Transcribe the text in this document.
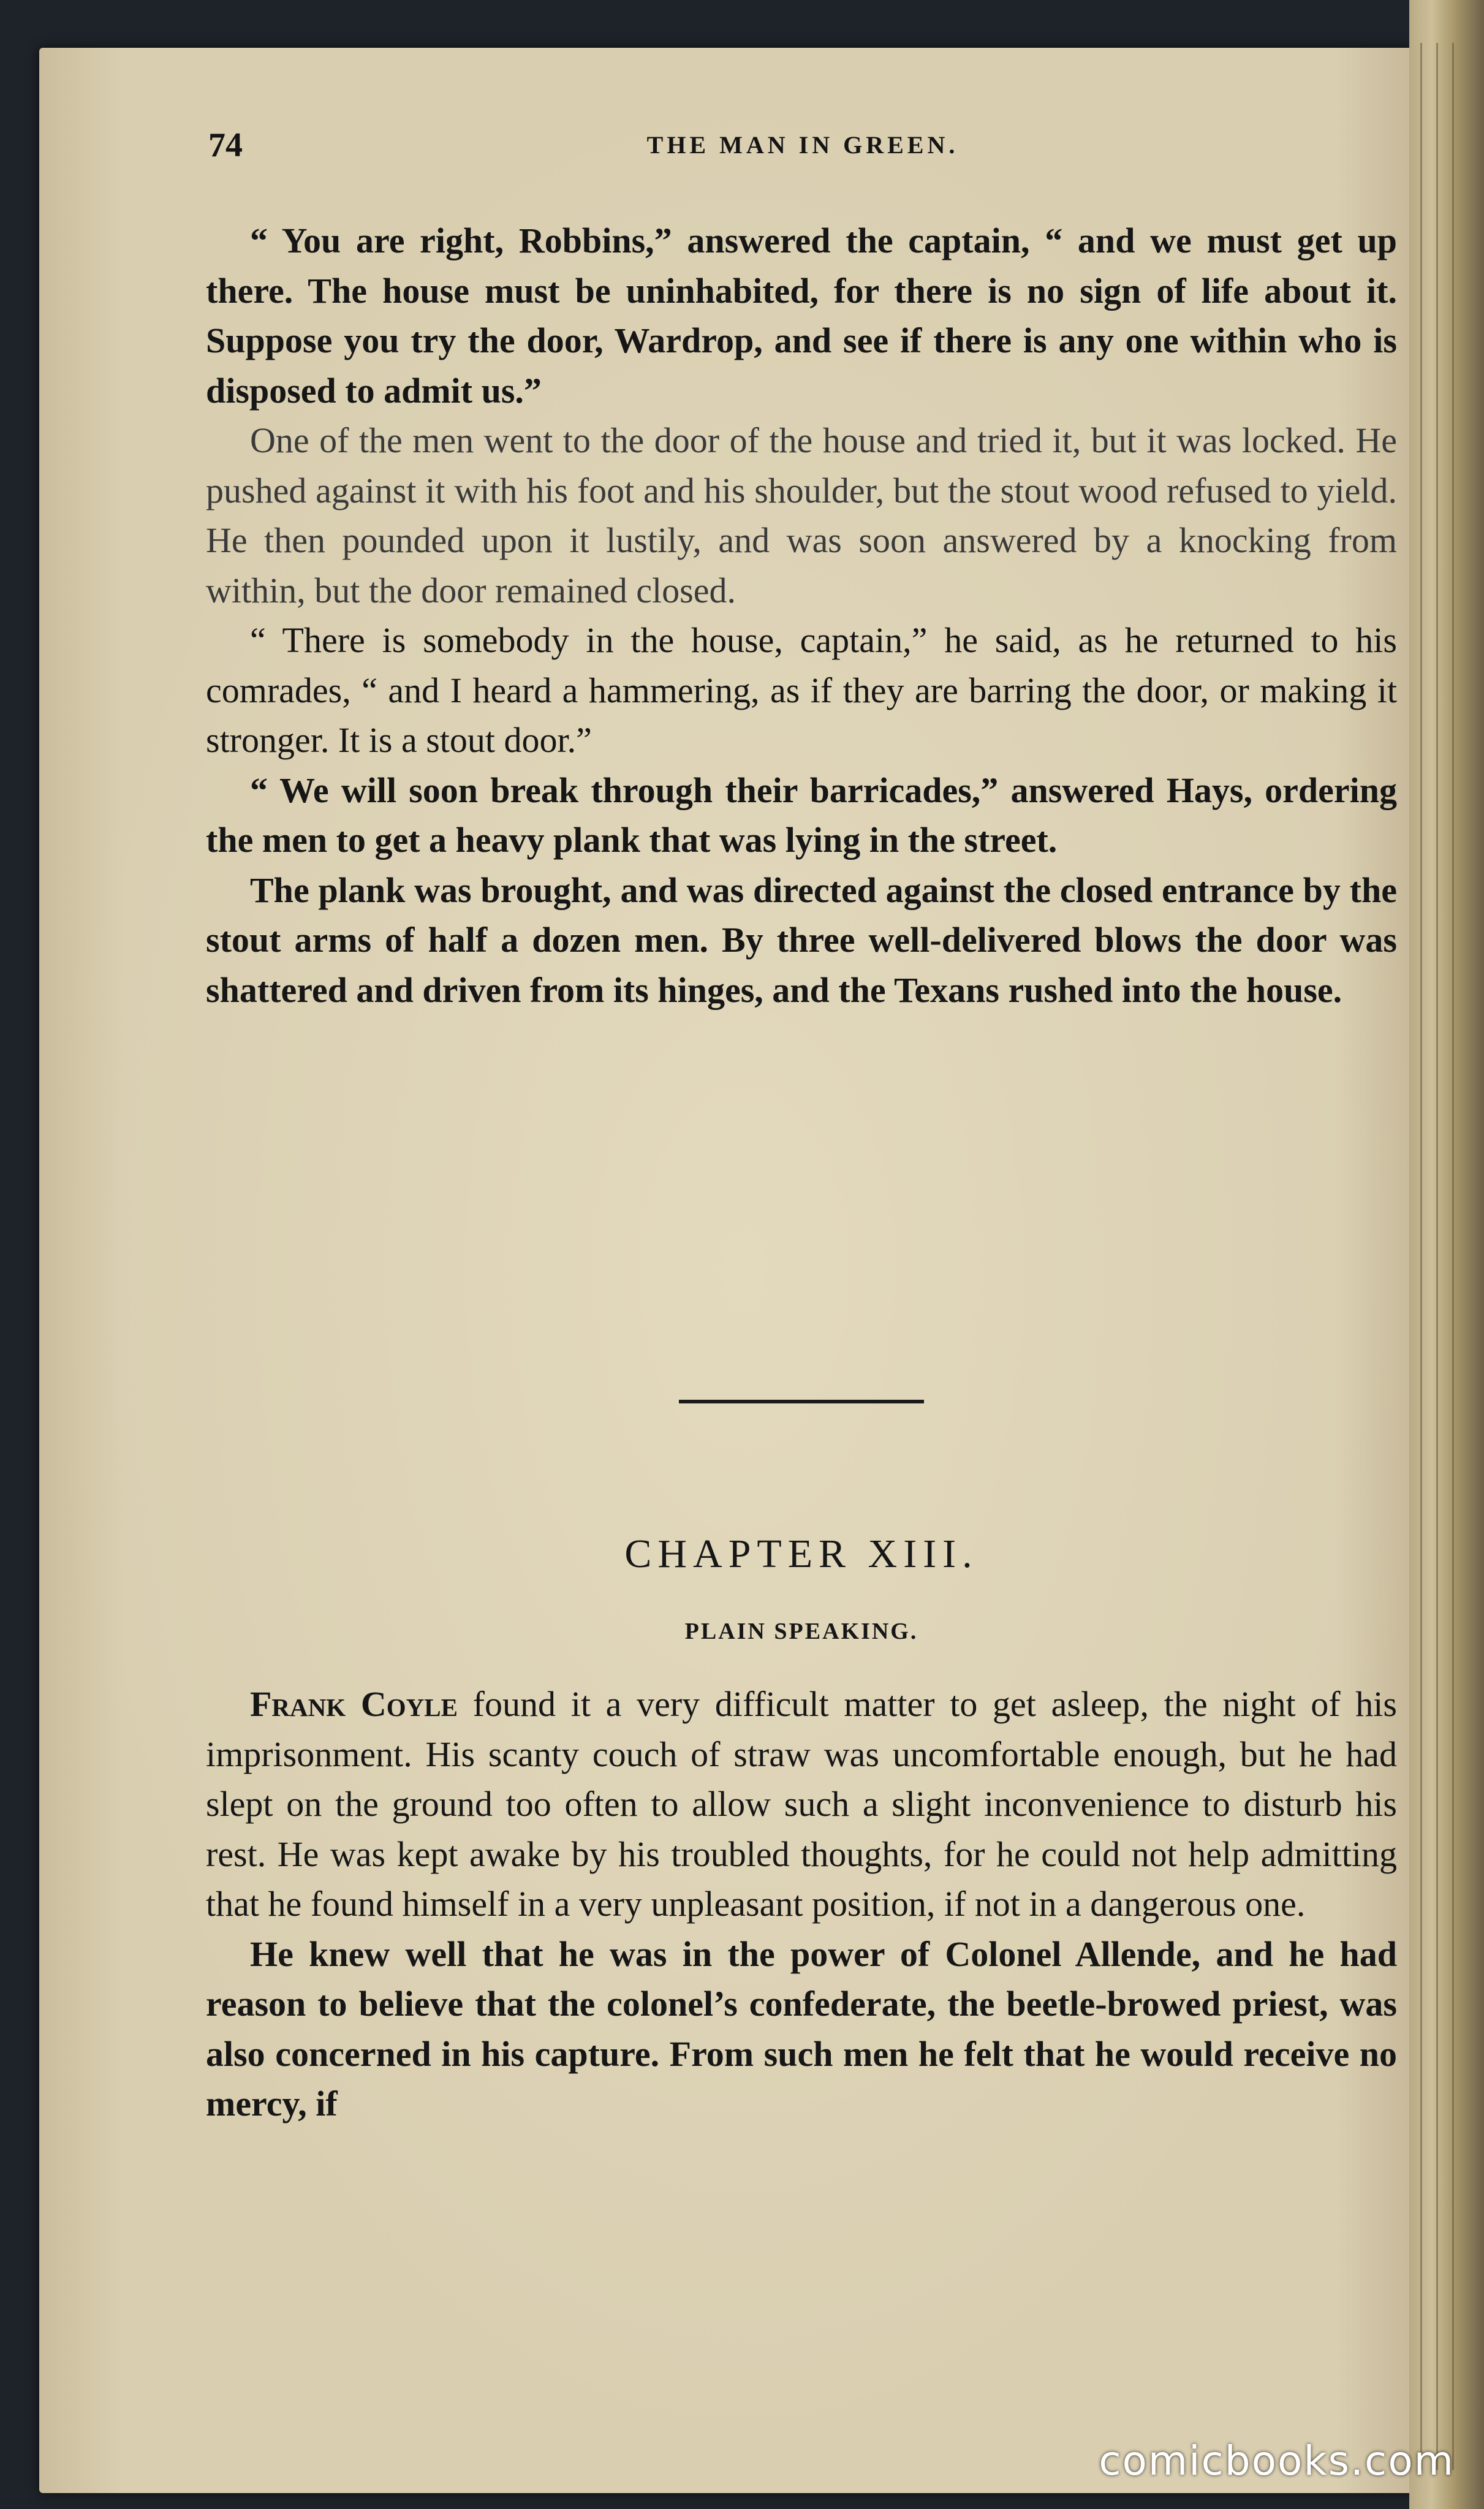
74	THE MAN IN GREEN.

“ You are right, Robbins,” answered the captain, “ and we must get up there. The house must be uninhabited, for there is no sign of life about it. Suppose you try the door, Wardrop, and see if there is any one within who is disposed to admit us.”

One of the men went to the door of the house and tried it, but it was locked. He pushed against it with his foot and his shoulder, but the stout wood refused to yield. He then pounded upon it lustily, and was soon answered by a knocking from within, but the door remained closed.

“ There is somebody in the house, captain,” he said, as he returned to his comrades, “ and I heard a hammering, as if they are barring the door, or making it stronger. It is a stout door.”

“ We will soon break through their barricades,” answered Hays, ordering the men to get a heavy plank that was lying in the street.

The plank was brought, and was directed against the closed entrance by the stout arms of half a dozen men. By three well-delivered blows the door was shattered and driven from its hinges, and the Texans rushed into the house.

CHAPTER XIII.
PLAIN SPEAKING.

Frank Coyle found it a very difficult matter to get asleep, the night of his imprisonment. His scanty couch of straw was uncomfortable enough, but he had slept on the ground too often to allow such a slight inconvenience to disturb his rest. He was kept awake by his troubled thoughts, for he could not help admitting that he found himself in a very unpleasant position, if not in a dangerous one.

He knew well that he was in the power of Colonel Allende, and he had reason to believe that the colonel’s confederate, the beetle-browed priest, was also concerned in his capture. From such men he felt that he would receive no mercy, if

comicbooks.com
